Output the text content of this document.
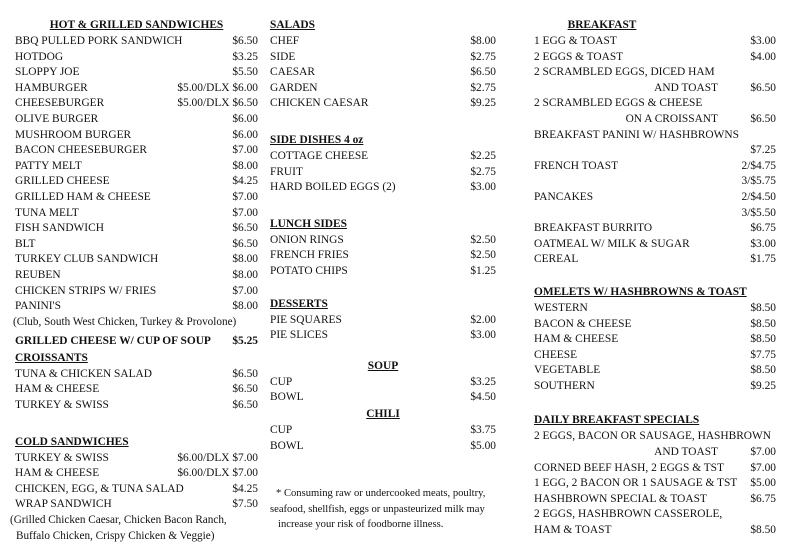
HOT & GRILLED SANDWICHES
BBQ PULLED PORK SANDWICH	$6.50
HOTDOG	$3.25
SLOPPY JOE	$5.50
HAMBURGER	$5.00/DLX $6.00
CHEESEBURGER	$5.00/DLX $6.50
OLIVE BURGER	$6.00
MUSHROOM BURGER	$6.00
BACON CHEESEBURGER	$7.00
PATTY MELT	$8.00
GRILLED CHEESE	$4.25
GRILLED HAM & CHEESE	$7.00
TUNA MELT	$7.00
FISH SANDWICH	$6.50
BLT	$6.50
TURKEY CLUB SANDWICH	$8.00
REUBEN	$8.00
CHICKEN STRIPS W/ FRIES	$7.00
PANINI'S	$8.00
(Club, South West Chicken, Turkey & Provolone)
GRILLED CHEESE W/ CUP OF SOUP $5.25
CROISSANTS
TUNA & CHICKEN SALAD	$6.50
HAM & CHEESE	$6.50
TURKEY & SWISS	$6.50
COLD SANDWICHES
TURKEY & SWISS	$6.00/DLX $7.00
HAM & CHEESE	$6.00/DLX $7.00
CHICKEN, EGG, & TUNA SALAD	$4.25
WRAP SANDWICH	$7.50
(Grilled Chicken Caesar, Chicken Bacon Ranch,
Buffalo Chicken, Crispy Chicken & Veggie)
SALADS
CHEF	$8.00
SIDE	$2.75
CAESAR	$6.50
GARDEN	$2.75
CHICKEN CAESAR	$9.25
SIDE DISHES 4 oz
COTTAGE CHEESE	$2.25
FRUIT	$2.75
HARD BOILED EGGS (2)	$3.00
LUNCH SIDES
ONION RINGS	$2.50
FRENCH FRIES	$2.50
POTATO CHIPS	$1.25
DESSERTS
PIE SQUARES	$2.00
PIE SLICES	$3.00
SOUP
CUP	$3.25
BOWL	$4.50
CHILI
CUP	$3.75
BOWL	$5.00
* Consuming raw or undercooked meats, poultry,
seafood, shellfish, eggs or unpasteurized milk may
increase your risk of foodborne illness.
BREAKFAST
1 EGG & TOAST	$3.00
2 EGGS & TOAST	$4.00
2 SCRAMBLED EGGS, DICED HAM
AND TOAST	$6.50
2 SCRAMBLED EGGS & CHEESE
ON A CROISSANT	$6.50
BREAKFAST PANINI W/ HASHBROWNS
$7.25
FRENCH TOAST	2/$4.75
3/$5.75
PANCAKES	2/$4.50
3/$5.50
BREAKFAST BURRITO	$6.75
OATMEAL W/ MILK & SUGAR	$3.00
CEREAL	$1.75
OMELETS W/ HASHBROWNS & TOAST
WESTERN	$8.50
BACON & CHEESE	$8.50
HAM & CHEESE	$8.50
CHEESE	$7.75
VEGETABLE	$8.50
SOUTHERN	$9.25
DAILY BREAKFAST SPECIALS
2 EGGS, BACON OR SAUSAGE, HASHBROWN
AND TOAST	$7.00
CORNED BEEF HASH, 2 EGGS & TST $7.00
1 EGG, 2 BACON OR 1 SAUSAGE & TST $5.00
HASHBROWN SPECIAL & TOAST	$6.75
2 EGGS, HASHBROWN CASSEROLE,
HAM & TOAST	$8.50
